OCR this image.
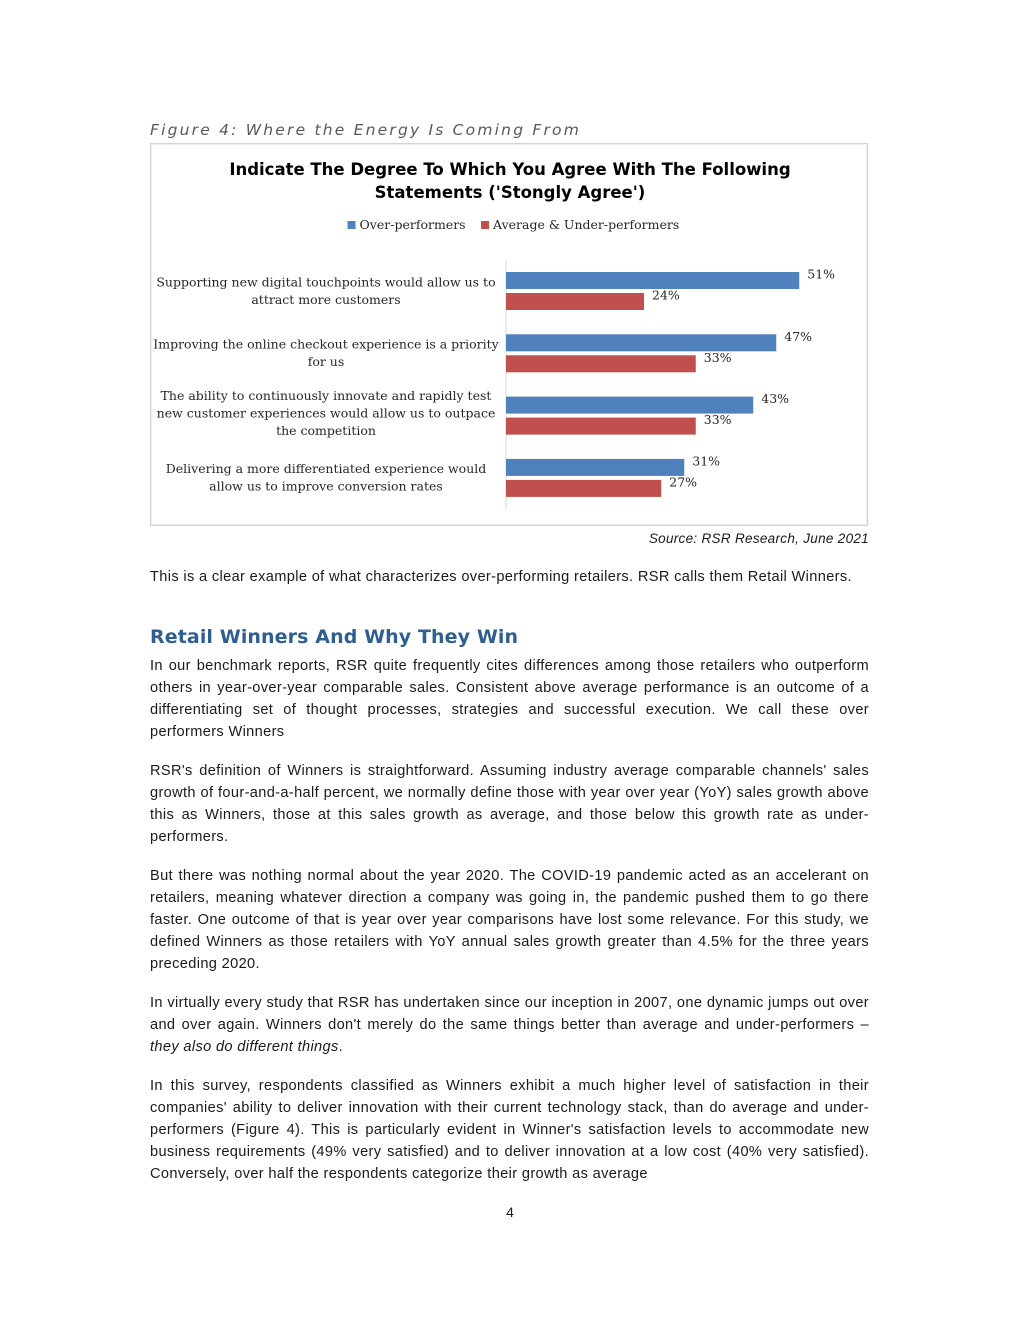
Figure 4: Where the Energy Is Coming From
Indicate The Degree To Which You Agree With The Following
Statements ('Stongly Agree')
Over-performers Average & Under-performers
51%
24%
Supporting new digital touchpoints would allow us to
attract more customers
47%
33%
Improving the online checkout experience is a priority
for us
43%
33%
The ability to continuously innovate and rapidly test
new customer experiences would allow us to outpace
the competition
31%
27%
Delivering a more differentiated experience would
allow us to improve conversion rates
Source: RSR Research, June 2021

This is a clear example of what characterizes over-performing retailers. RSR calls them Retail Winners.

Retail Winners And Why They Win

In our benchmark reports, RSR quite frequently cites differences among those retailers who outperform others in year-over-year comparable sales. Consistent above average performance is an outcome of a differentiating set of thought processes, strategies and successful execution. We call these over performers Winners

RSR's definition of Winners is straightforward. Assuming industry average comparable channels' sales growth of four-and-a-half percent, we normally define those with year over year (YoY) sales growth above this as Winners, those at this sales growth as average, and those below this growth rate as under-performers.

But there was nothing normal about the year 2020. The COVID-19 pandemic acted as an accelerant on retailers, meaning whatever direction a company was going in, the pandemic pushed them to go there faster. One outcome of that is year over year comparisons have lost some relevance. For this study, we defined Winners as those retailers with YoY annual sales growth greater than 4.5% for the three years preceding 2020.

In virtually every study that RSR has undertaken since our inception in 2007, one dynamic jumps out over and over again. Winners don't merely do the same things better than average and under-performers – they also do different things.

In this survey, respondents classified as Winners exhibit a much higher level of satisfaction in their companies' ability to deliver innovation with their current technology stack, than do average and under-performers (Figure 4). This is particularly evident in Winner's satisfaction levels to accommodate new business requirements (49% very satisfied) and to deliver innovation at a low cost (40% very satisfied). Conversely, over half the respondents categorize their growth as average

4
